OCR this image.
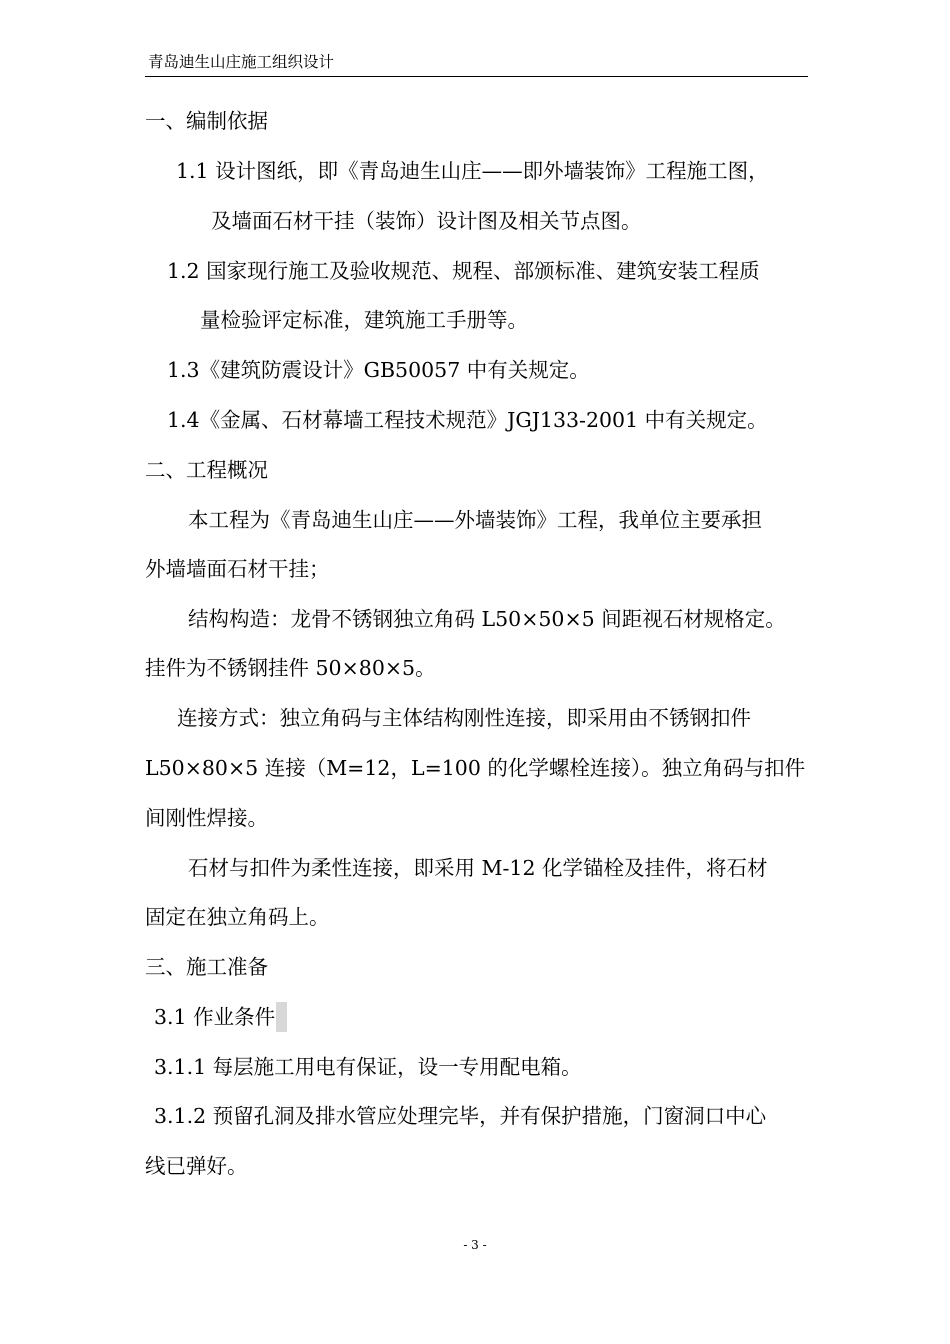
青岛迪生山庄施工组织设计
一、编制依据
1.1 设计图纸，即《青岛迪生山庄——即外墙装饰》工程施工图，
及墙面石材干挂（装饰）设计图及相关节点图。
1.2 国家现行施工及验收规范、规程、部颁标准、建筑安装工程质
量检验评定标准，建筑施工手册等。
1.3《建筑防震设计》GB50057 中有关规定。
1.4《金属、石材幕墙工程技术规范》JGJ133-2001 中有关规定。
二、工程概况
本工程为《青岛迪生山庄——外墙装饰》工程，我单位主要承担
外墙墙面石材干挂；
结构构造：龙骨不锈钢独立角码 L50×50×5 间距视石材规格定。
挂件为不锈钢挂件 50×80×5。
连接方式：独立角码与主体结构刚性连接，即采用由不锈钢扣件
L50×80×5 连接（M=12，L=100 的化学螺栓连接）。独立角码与扣件
间刚性焊接。
石材与扣件为柔性连接，即采用 M-12 化学锚栓及挂件，将石材
固定在独立角码上。
三、施工准备
3.1 作业条件
3.1.1 每层施工用电有保证，设一专用配电箱。
3.1.2 预留孔洞及排水管应处理完毕，并有保护措施，门窗洞口中心
线已弹好。
- 3 -
